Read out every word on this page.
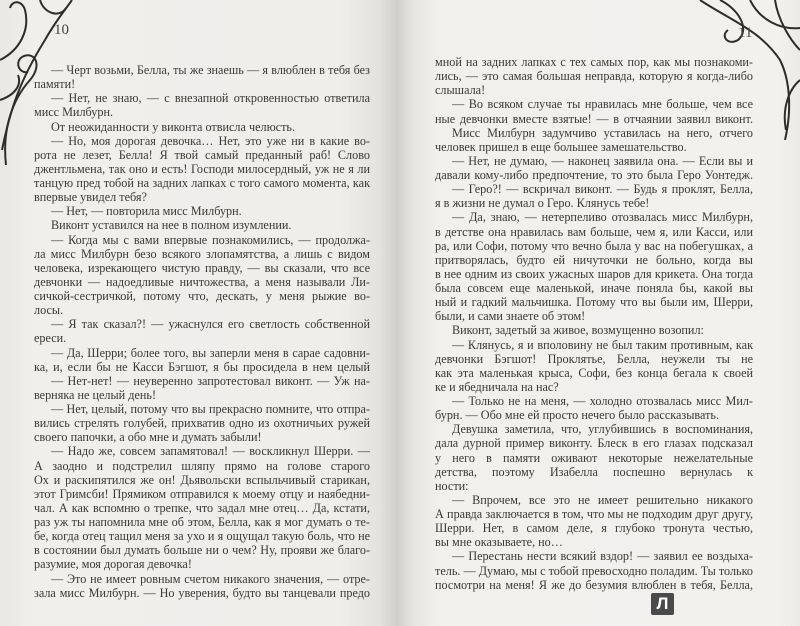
10
— Черт возьми, Белла, ты же знаешь — я влюблен в тебя без
памяти!
— Нет, не знаю, — с внезапной откровенностью ответила
мисс Милбурн.
От неожиданности у виконта отвисла челюсть.
— Но, моя дорогая девочка… Нет, это уже ни в какие во-
рота не лезет, Белла! Я твой самый преданный раб! Слово
джентльмена, так оно и есть! Господи милосердный, уж не я ли
танцую пред тобой на задних лапках с того самого момента, как
впервые увидел тебя?
— Нет, — повторила мисс Милбурн.
Виконт уставился на нее в полном изумлении.
— Когда мы с вами впервые познакомились, — продолжа-
ла мисс Милбурн безо всякого злопамятства, а лишь с видом
человека, изрекающего чистую правду, — вы сказали, что все
девчонки — надоедливые ничтожества, а меня называли Ли-
сичкой-сестричкой, потому что, дескать, у меня рыжие во-
лосы.
— Я так сказал?! — ужаснулся его светлость собственной
ереси.
— Да, Шерри; более того, вы заперли меня в сарае садовни-
ка, и, если бы не Касси Бэгшот, я бы просидела в нем целый
— Нет-нет! — неуверенно запротестовал виконт. — Уж на-
верняка не целый день!
— Нет, целый, потому что вы прекрасно помните, что отпра-
вились стрелять голубей, прихватив одно из охотничьих ружей
своего папочки, а обо мне и думать забыли!
— Надо же, совсем запамятовал! — воскликнул Шерри. —
А заодно и подстрелил шляпу прямо на голове старого
Ох и раскипятился же он! Дьявольски вспыльчивый старикан,
этот Гримсби! Прямиком отправился к моему отцу и наябедни-
чал. А как вспомню о трепке, что задал мне отец… Да, кстати,
раз уж ты напомнила мне об этом, Белла, как я мог думать о те-
бе, когда отец тащил меня за ухо и я ощущал такую боль, что не
в состоянии был думать больше ни о чем? Ну, прояви же благо-
разумие, моя дорогая девочка!
— Это не имеет ровным счетом никакого значения, — отре-
зала мисс Милбурн. — Но уверения, будто вы танцевали предо
11
мной на задних лапках с тех самых пор, как мы познакоми-
лись, — это самая большая неправда, которую я когда-либо
слышала!
— Во всяком случае ты нравилась мне больше, чем все
ные девчонки вместе взятые! — в отчаянии заявил виконт.
Мисс Милбурн задумчиво уставилась на него, отчего
человек пришел в еще большее замешательство.
— Нет, не думаю, — наконец заявила она. — Если вы и
давали кому-либо предпочтение, то это была Геро Уонтедж.
— Геро?! — вскричал виконт. — Будь я проклят, Белла,
я в жизни не думал о Геро. Клянусь тебе!
— Да, знаю, — нетерпеливо отозвалась мисс Милбурн,
в детстве она нравилась вам больше, чем я, или Касси, или
ра, или Софи, потому что вечно была у вас на побегушках, а
притворялась, будто ей ничуточки не больно, когда вы
в нее одним из своих ужасных шаров для крикета. Она тогда
была совсем еще маленькой, иначе поняла бы, какой вы
ный и гадкий мальчишка. Потому что вы были им, Шерри,
были, и сами знаете об этом!
Виконт, задетый за живое, возмущенно возопил:
— Клянусь, я и вполовину не был таким противным, как
девчонки Бэгшот! Проклятье, Белла, неужели ты не
как эта маленькая крыса, Софи, без конца бегала к своей
ке и ябедничала на нас?
— Только не на меня, — холодно отозвалась мисс Мил-
бурн. — Обо мне ей просто нечего было рассказывать.
Девушка заметила, что, углубившись в воспоминания,
дала дурной пример виконту. Блеск в его глазах подсказал
у него в памяти оживают некоторые нежелательные
детства, поэтому Изабелла поспешно вернулась к
ности:
— Впрочем, все это не имеет решительно никакого
А правда заключается в том, что мы не подходим друг другу,
Шерри. Нет, в самом деле, я глубоко тронута честью,
вы мне оказываете, но…
— Перестань нести всякий вздор! — заявил ее воздыха-
тель. — Думаю, мы с тобой превосходно поладим. Ты только
посмотри на меня! Я же до безумия влюблен в тебя, Белла,
Л
